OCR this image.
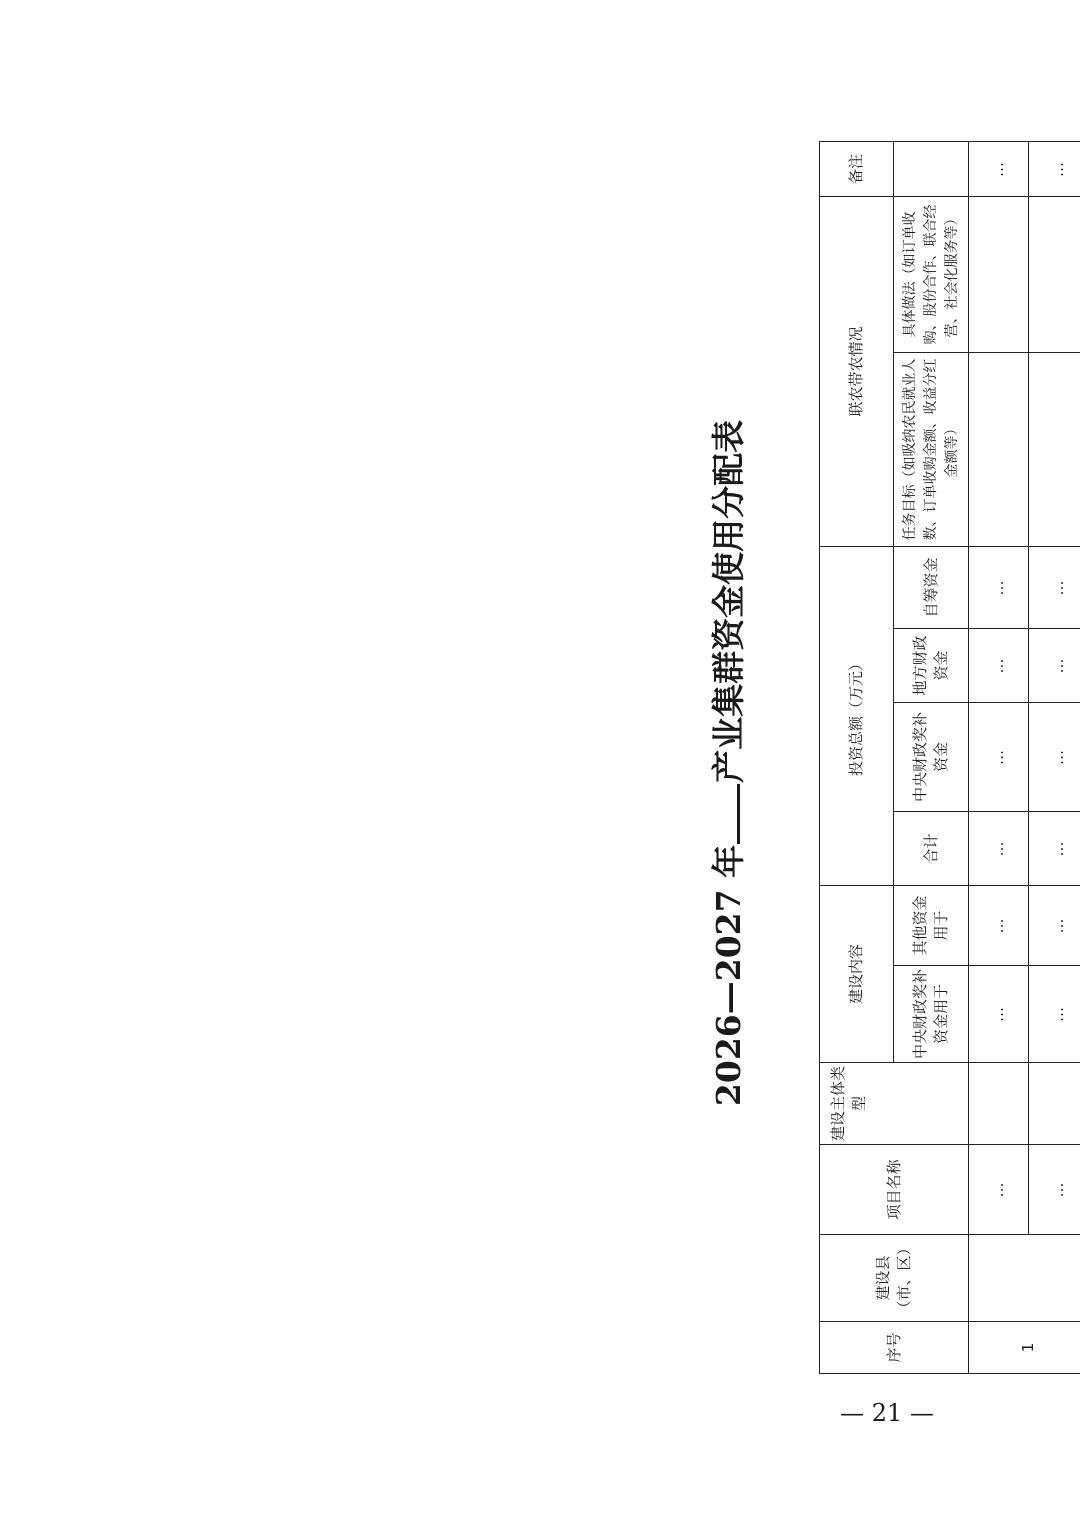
2026—2027 年产业集群资金使用分配表
序号	建设县（市、区）	项目名称	建设主体类型	建设内容		投资总额（万元）				联农带农情况		备注
				中央财政奖补资金用于	其他资金用于	合计	中央财政奖补资金	地方财政资金	自筹资金	任务目标（如吸纳农民就业人数、订单收购金额、收益分红金额等）	具体做法（如订单收购、股份合作、联合经营、社会化服务等）	
1		…		…	…	…	…	…	…			…
		…		…	…	…	…	…	…			…

— 21 —
